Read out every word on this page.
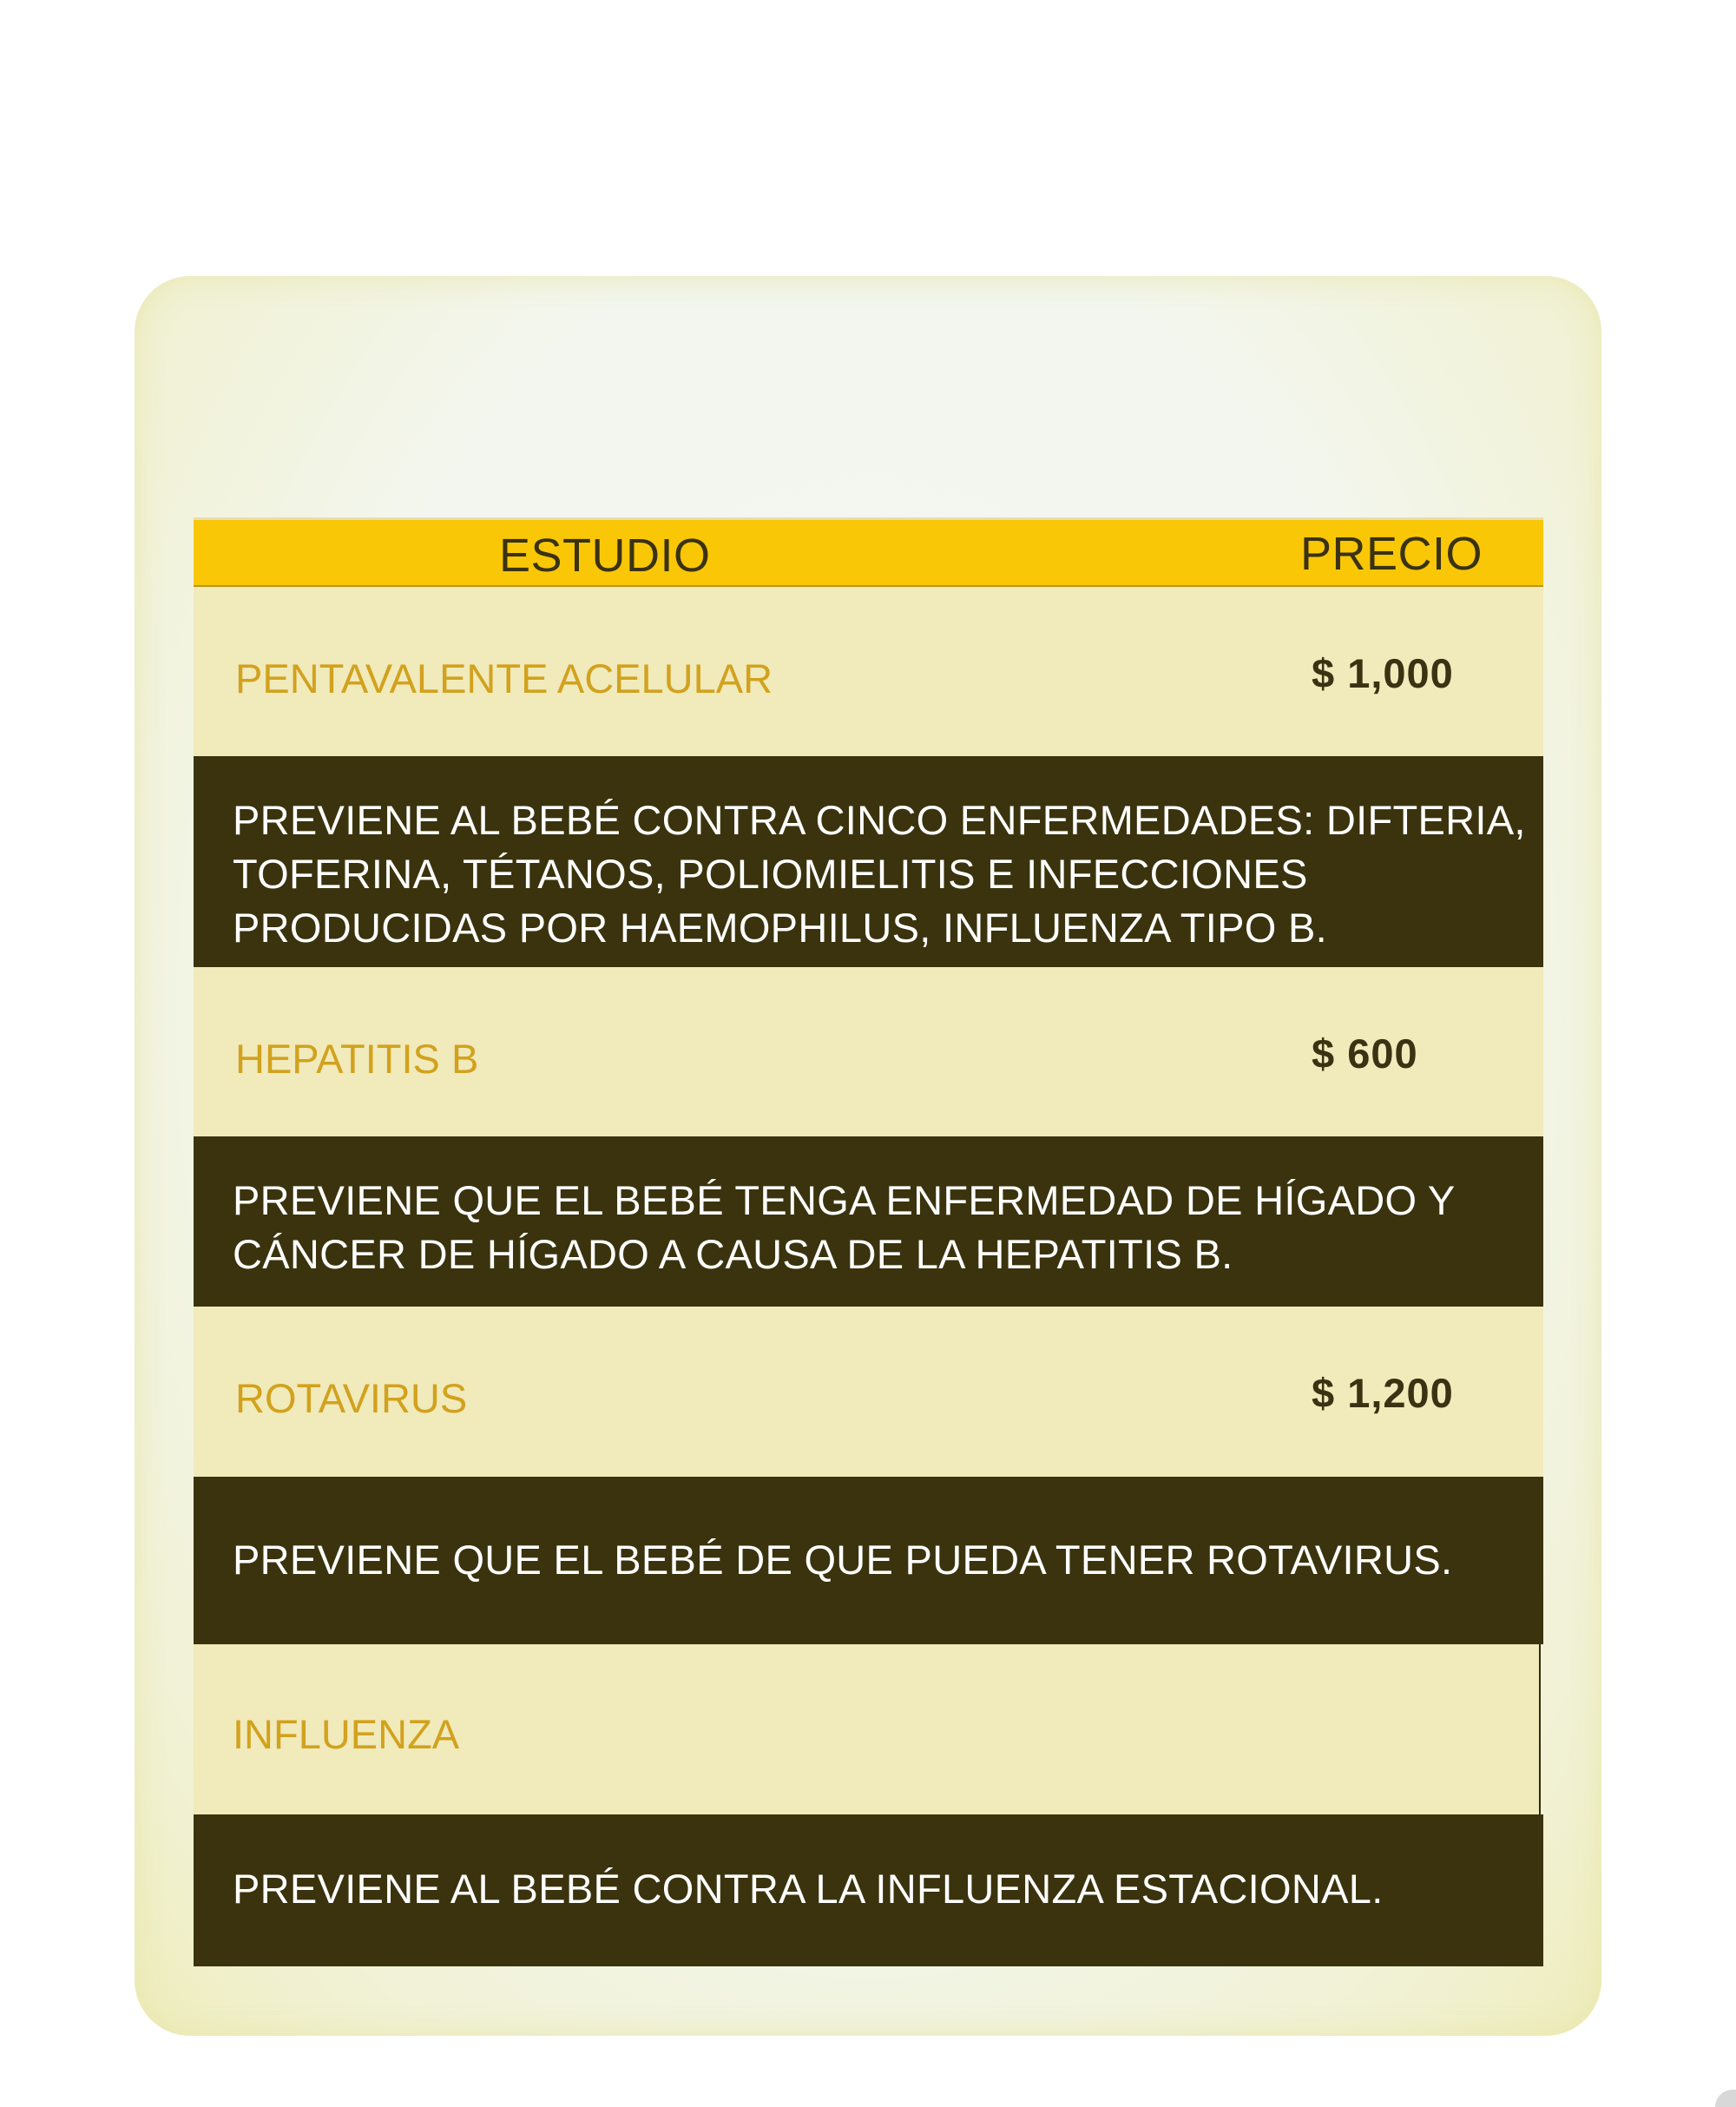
ESTUDIO	PRECIO
PENTAVALENTE ACELULAR	$ 1,000

PREVIENE AL BEBÉ CONTRA CINCO ENFERMEDADES: DIFTERIA, TOFERINA, TÉTANOS, POLIOMIELITIS E INFECCIONES PRODUCIDAS POR HAEMOPHILUS, INFLUENZA TIPO B.

HEPATITIS B	$ 600

PREVIENE QUE EL BEBÉ TENGA ENFERMEDAD DE HÍGADO Y CÁNCER DE HÍGADO A CAUSA DE LA HEPATITIS B.

ROTAVIRUS	$ 1,200

PREVIENE QUE EL BEBÉ DE QUE PUEDA TENER ROTAVIRUS.

INFLUENZA

PREVIENE AL BEBÉ CONTRA LA INFLUENZA ESTACIONAL.
